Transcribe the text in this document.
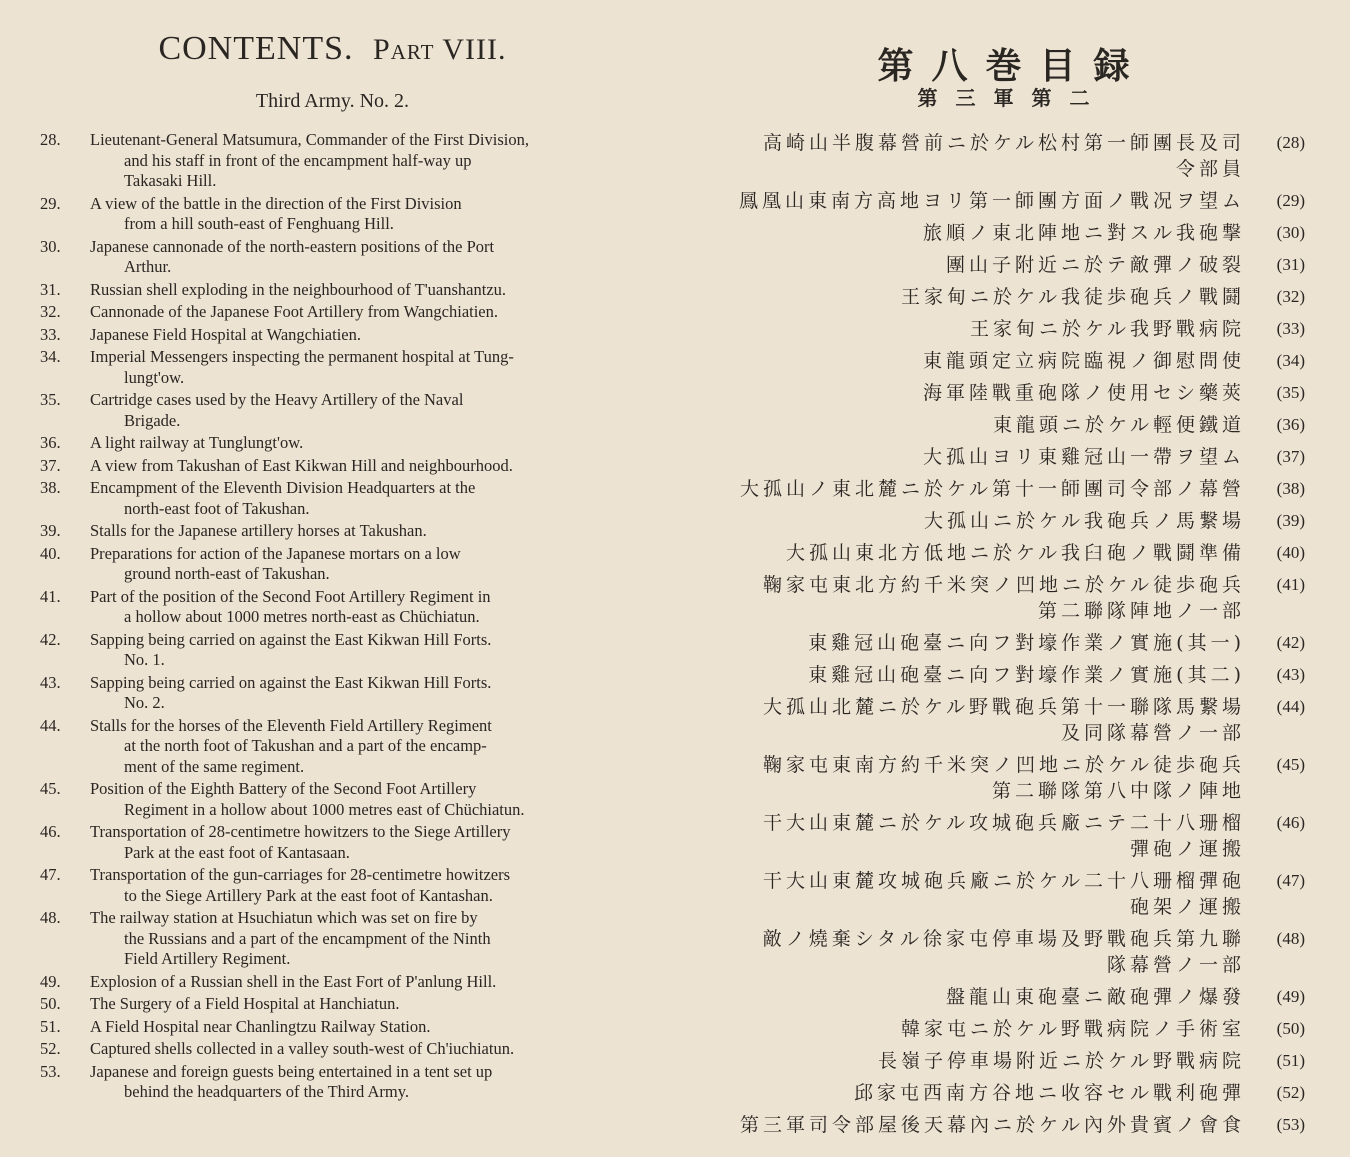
CONTENTS. Part VIII.
Third Army. No. 2.
28.	Lieutenant-General Matsumura, Commander of the First Division,
and his staff in front of the encampment half-way up
Takasaki Hill.
29.	A view of the battle in the direction of the First Division
from a hill south-east of Fenghuang Hill.
30.	Japanese cannonade of the north-eastern positions of the Port
Arthur.
31.	Russian shell exploding in the neighbourhood of T'uanshantzu.
32.	Cannonade of the Japanese Foot Artillery from Wangchiatien.
33.	Japanese Field Hospital at Wangchiatien.
34.	Imperial Messengers inspecting the permanent hospital at Tung-
lungt'ow.
35.	Cartridge cases used by the Heavy Artillery of the Naval
Brigade.
36.	A light railway at Tunglungt'ow.
37.	A view from Takushan of East Kikwan Hill and neighbourhood.
38.	Encampment of the Eleventh Division Headquarters at the
north-east foot of Takushan.
39.	Stalls for the Japanese artillery horses at Takushan.
40.	Preparations for action of the Japanese mortars on a low
ground north-east of Takushan.
41.	Part of the position of the Second Foot Artillery Regiment in
a hollow about 1000 metres north-east as Chüchiatun.
42.	Sapping being carried on against the East Kikwan Hill Forts.
No. 1.
43.	Sapping being carried on against the East Kikwan Hill Forts.
No. 2.
44.	Stalls for the horses of the Eleventh Field Artillery Regiment
at the north foot of Takushan and a part of the encamp-
ment of the same regiment.
45.	Position of the Eighth Battery of the Second Foot Artillery
Regiment in a hollow about 1000 metres east of Chüchiatun.
46.	Transportation of 28-centimetre howitzers to the Siege Artillery
Park at the east foot of Kantasaan.
47.	Transportation of the gun-carriages for 28-centimetre howitzers
to the Siege Artillery Park at the east foot of Kantashan.
48.	The railway station at Hsuchiatun which was set on fire by
the Russians and a part of the encampment of the Ninth
Field Artillery Regiment.
49.	Explosion of a Russian shell in the East Fort of P'anlung Hill.
50.	The Surgery of a Field Hospital at Hanchiatun.
51.	A Field Hospital near Chanlingtzu Railway Station.
52.	Captured shells collected in a valley south-west of Ch'iuchiatun.
53.	Japanese and foreign guests being entertained in a tent set up
behind the headquarters of the Third Army.
第八巻目録
第三軍第二
高崎山半腹幕營前ニ於ケル松村第一師團長及司
令部員
(28)
鳳凰山東南方高地ヨリ第一師團方面ノ戰况ヲ望ム	(29)
旅順ノ東北陣地ニ對スル我砲撃	(30)
團山子附近ニ於テ敵彈ノ破裂	(31)
王家甸ニ於ケル我徒歩砲兵ノ戰鬪	(32)
王家甸ニ於ケル我野戰病院	(33)
東龍頭定立病院臨視ノ御慰問使	(34)
海軍陸戰重砲隊ノ使用セシ藥莢	(35)
東龍頭ニ於ケル輕便鐵道	(36)
大孤山ヨリ東雞冠山一帶ヲ望ム	(37)
大孤山ノ東北麓ニ於ケル第十一師團司令部ノ幕營	(38)
大孤山ニ於ケル我砲兵ノ馬繋場	(39)
大孤山東北方低地ニ於ケル我臼砲ノ戰鬪準備	(40)
鞠家屯東北方約千米突ノ凹地ニ於ケル徒歩砲兵
第二聯隊陣地ノ一部
(41)
東雞冠山砲臺ニ向フ對壕作業ノ實施(其一)	(42)
東雞冠山砲臺ニ向フ對壕作業ノ實施(其二)	(43)
大孤山北麓ニ於ケル野戰砲兵第十一聯隊馬繋場
及同隊幕營ノ一部
(44)
鞠家屯東南方約千米突ノ凹地ニ於ケル徒歩砲兵
第二聯隊第八中隊ノ陣地
(45)
干大山東麓ニ於ケル攻城砲兵廠ニテ二十八珊榴
彈砲ノ運搬
(46)
干大山東麓攻城砲兵廠ニ於ケル二十八珊榴彈砲
砲架ノ運搬
(47)
敵ノ燒棄シタル徐家屯停車場及野戰砲兵第九聯
隊幕營ノ一部
(48)
盤龍山東砲臺ニ敵砲彈ノ爆發	(49)
韓家屯ニ於ケル野戰病院ノ手術室	(50)
長嶺子停車場附近ニ於ケル野戰病院	(51)
邱家屯西南方谷地ニ收容セル戰利砲彈	(52)
第三軍司令部屋後天幕內ニ於ケル內外貴賓ノ會食	(53)
